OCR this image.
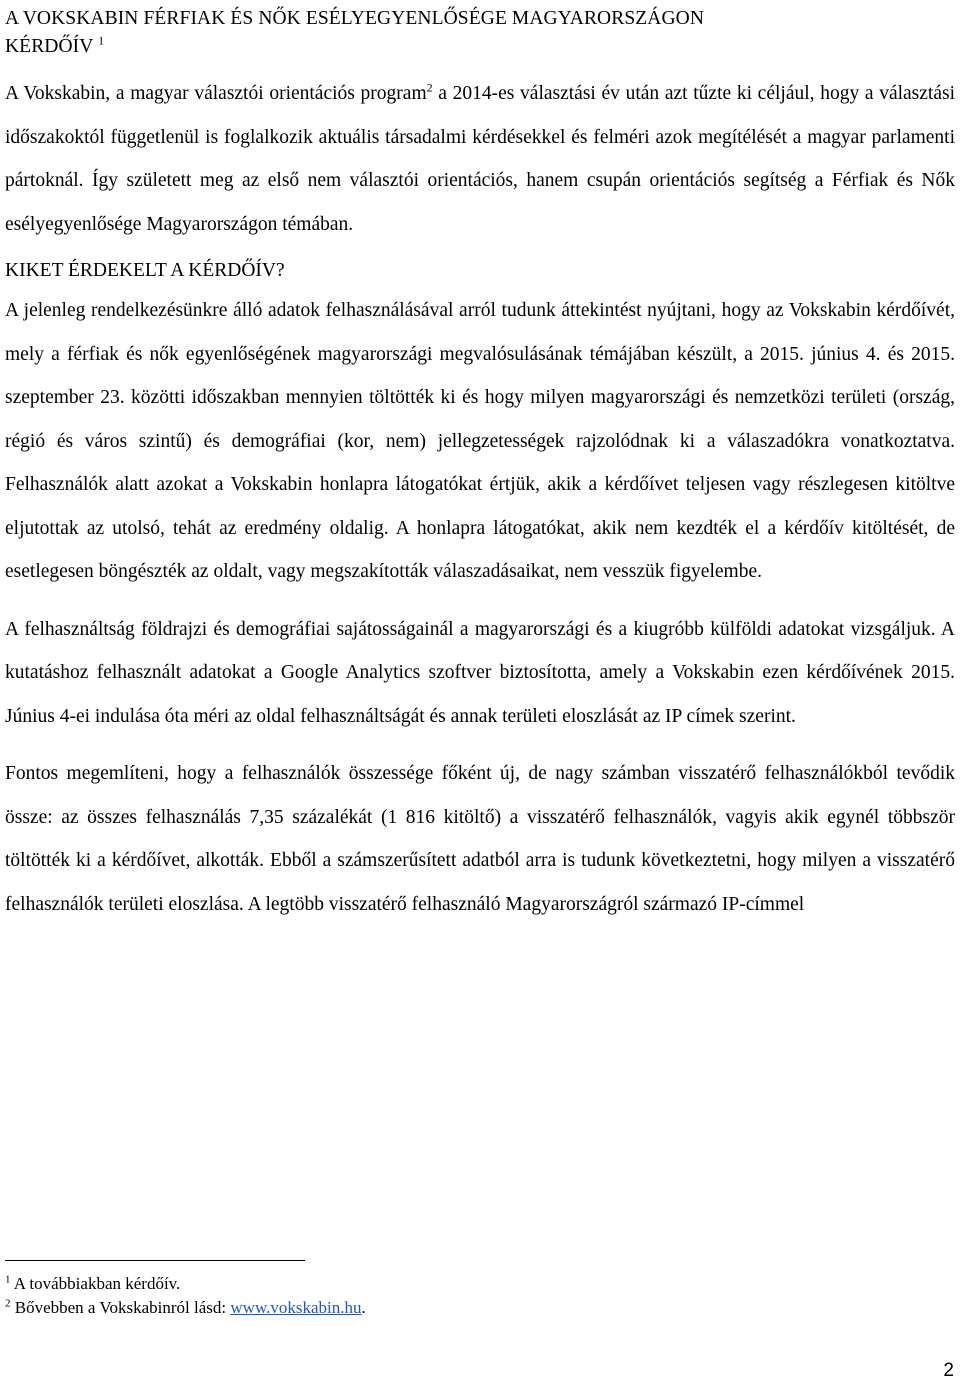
A VOKSKABIN FÉRFIAK ÉS NŐK ESÉLYEGYENLŐSÉGE MAGYARORSZÁGON
KÉRDŐÍV $^1$

A Vokskabin, a magyar választói orientációs program$^2$ a 2014-es választási év után azt tűzte ki céljául, hogy a választási időszakoktól függetlenül is foglalkozik aktuális társadalmi kérdésekkel és felméri azok megítélését a magyar parlamenti pártoknál. Így született meg az első nem választói orientációs, hanem csupán orientációs segítség a Férfiak és Nők esélyegyenlősége Magyarországon témában.

KIKET ÉRDEKELT A KÉRDŐÍV?

A jelenleg rendelkezésünkre álló adatok felhasználásával arról tudunk áttekintést nyújtani, hogy az Vokskabin kérdőívét, mely a férfiak és nők egyenlőségének magyarországi megvalósulásának témájában készült, a 2015. június 4. és 2015. szeptember 23. közötti időszakban mennyien töltötték ki és hogy milyen magyarországi és nemzetközi területi (ország, régió és város szintű) és demográfiai (kor, nem) jellegzetességek rajzolódnak ki a válaszadókra vonatkoztatva. Felhasználók alatt azokat a Vokskabin honlapra látogatókat értjük, akik a kérdőívet teljesen vagy részlegesen kitöltve eljutottak az utolsó, tehát az eredmény oldalig. A honlapra látogatókat, akik nem kezdték el a kérdőív kitöltését, de esetlegesen böngészték az oldalt, vagy megszakították válaszadásaikat, nem vesszük figyelembe.

A felhasználtság földrajzi és demográfiai sajátosságainál a magyarországi és a kiugróbb külföldi adatokat vizsgáljuk. A kutatáshoz felhasznált adatokat a Google Analytics szoftver biztosította, amely a Vokskabin ezen kérdőívének 2015. Június 4-ei indulása óta méri az oldal felhasználtságát és annak területi eloszlását az IP címek szerint.

Fontos megemlíteni, hogy a felhasználók összessége főként új, de nagy számban visszatérő felhasználókból tevődik össze: az összes felhasználás 7,35 százalékát (1 816 kitöltő) a visszatérő felhasználók, vagyis akik egynél többször töltötték ki a kérdőívet, alkották. Ebből a számszerűsített adatból arra is tudunk következtetni, hogy milyen a visszatérő felhasználók területi eloszlása. A legtöbb visszatérő felhasználó Magyarországról származó IP-címmel

$^1$ A továbbiakban kérdőív.
$^2$ Bővebben a Vokskabinról lásd: www.vokskabin.hu.
2
